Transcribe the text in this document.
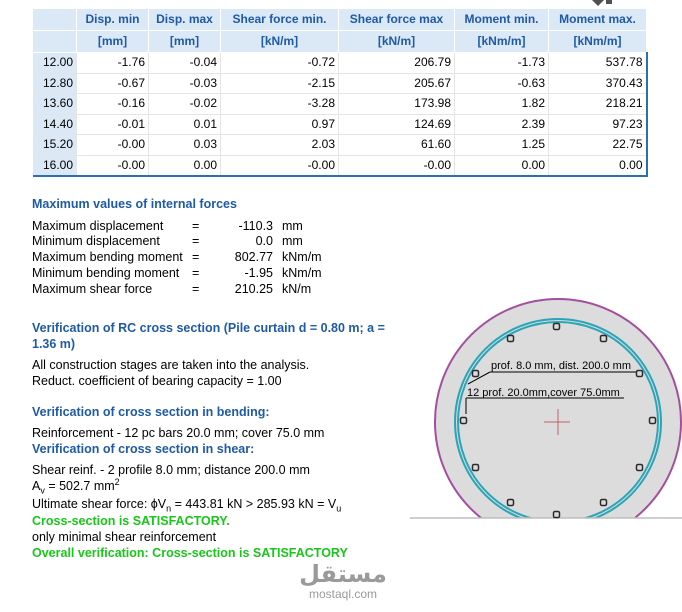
	Disp. min	Disp. max	Shear force min.	Shear force max	Moment min.	Moment max.
	[mm]	[mm]	[kN/m]	[kN/m]	[kNm/m]	[kNm/m]
12.00	-1.76	-0.04	-0.72	206.79	-1.73	537.78
12.80	-0.67	-0.03	-2.15	205.67	-0.63	370.43
13.60	-0.16	-0.02	-3.28	173.98	1.82	218.21
14.40	-0.01	0.01	0.97	124.69	2.39	97.23
15.20	-0.00	0.03	2.03	61.60	1.25	22.75
16.00	-0.00	0.00	-0.00	-0.00	0.00	0.00
Maximum values of internal forces
Maximum displacement =	-110.3 mm
Minimum displacement	=	0.0 mm
Maximum bending moment =	802.77 kNm/m
Minimum bending moment =	-1.95 kNm/m
Maximum shear force	=	210.25 kN/m
Verification of RC cross section (Pile curtain d = 0.80 m; a =
1.36 m)
All construction stages are taken into the analysis.
Reduct. coefficient of bearing capacity = 1.00
Verification of cross section in bending:
Reinforcement - 12 pc bars 20.0 mm; cover 75.0 mm
Verification of cross section in shear:
Shear reinf. - 2 profile 8.0 mm; distance 200.0 mm
$A_v = 502.7$ $mm^2$
Ultimate shear force: $\phi V_n = 443.81$ kN > 285.93 kN = $V_u$
Cross-section is SATISFACTORY.
only minimal shear reinforcement
Overall verification: Cross-section is SATISFACTORY
prof. 8.0 mm, dist. 200.0 mm
12 prof. 20.0mm,cover 75.0mm
مستقل
mostaql.com
